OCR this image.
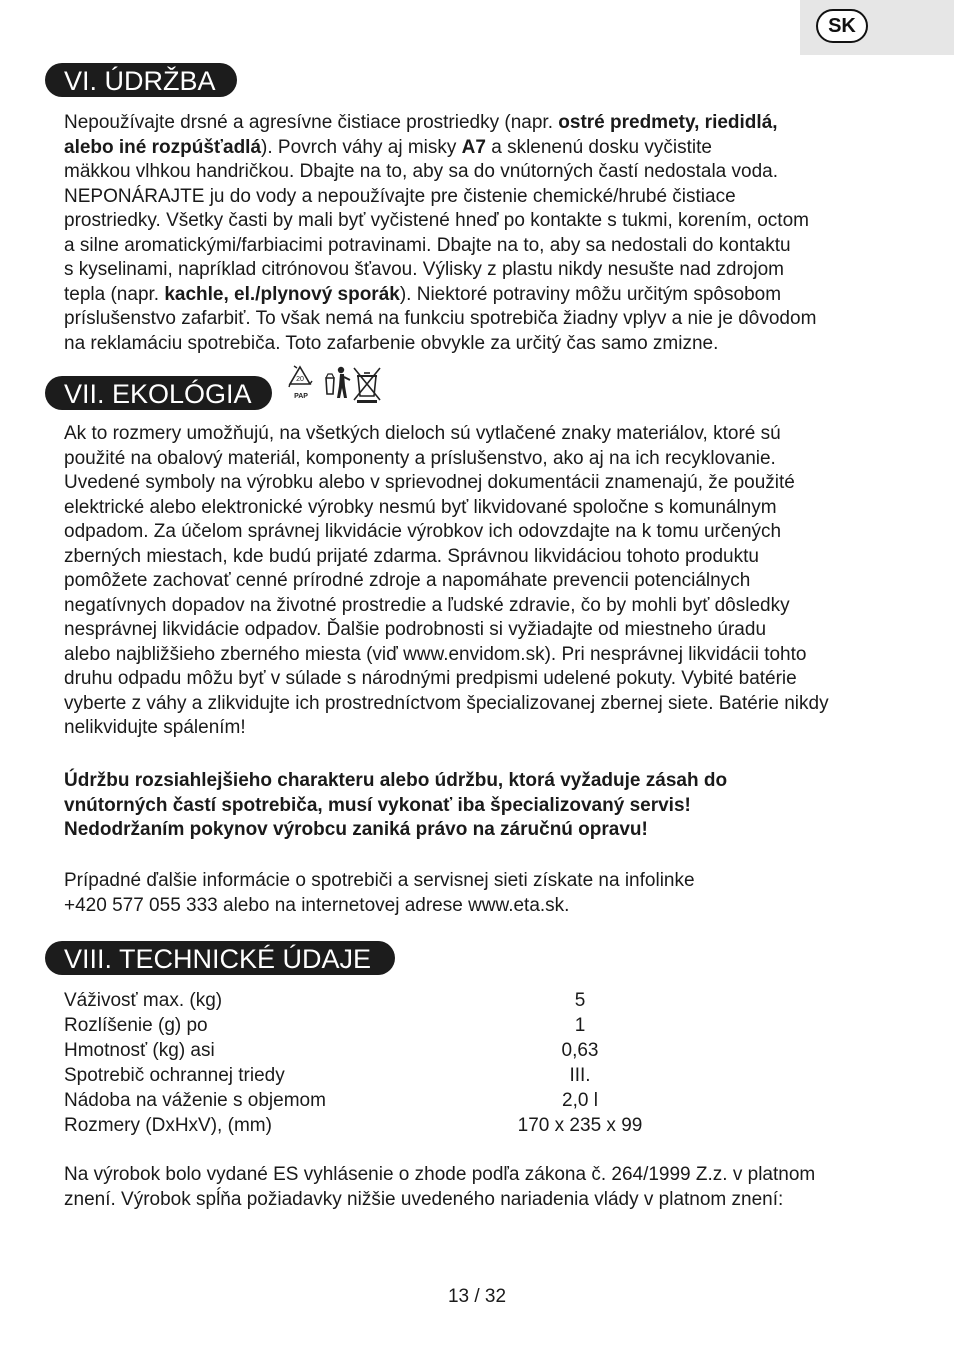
SK
VI. ÚDRŽBA
Nepoužívajte drsné a agresívne čistiace prostriedky (napr. ostré predmety, riedidlá,
alebo iné rozpúšťadlá). Povrch váhy aj misky A7 a sklenenú dosku vyčistite
mäkkou vlhkou handričkou. Dbajte na to, aby sa do vnútorných častí nedostala voda.
NEPONÁRAJTE ju do vody a nepoužívajte pre čistenie chemické/hrubé čistiace
prostriedky. Všetky časti by mali byť vyčistené hneď po kontakte s tukmi, korením, octom
a silne aromatickými/farbiacimi potravinami. Dbajte na to, aby sa nedostali do kontaktu
s kyselinami, napríklad citrónovou šťavou. Výlisky z plastu nikdy nesušte nad zdrojom
tepla (napr. kachle, el./plynový sporák). Niektoré potraviny môžu určitým spôsobom
príslušenstvo zafarbiť. To však nemá na funkciu spotrebiča žiadny vplyv a nie je dôvodom
na reklamáciu spotrebiča. Toto zafarbenie obvykle za určitý čas samo zmizne.
VII. EKOLÓGIA	20
PAP
Ak to rozmery umožňujú, na všetkých dieloch sú vytlačené znaky materiálov, ktoré sú
použité na obalový materiál, komponenty a príslušenstvo, ako aj na ich recyklovanie.
Uvedené symboly na výrobku alebo v sprievodnej dokumentácii znamenajú, že použité
elektrické alebo elektronické výrobky nesmú byť likvidované spoločne s komunálnym
odpadom. Za účelom správnej likvidácie výrobkov ich odovzdajte na k tomu určených
zberných miestach, kde budú prijaté zdarma. Správnou likvidáciou tohoto produktu
pomôžete zachovať cenné prírodné zdroje a napomáhate prevencii potenciálnych
negatívnych dopadov na životné prostredie a ľudské zdravie, čo by mohli byť dôsledky
nesprávnej likvidácie odpadov. Ďalšie podrobnosti si vyžiadajte od miestneho úradu
alebo najbližšieho zberného miesta (viď www.envidom.sk). Pri nesprávnej likvidácii tohto
druhu odpadu môžu byť v súlade s národnými predpismi udelené pokuty. Vybité batérie
vyberte z váhy a zlikvidujte ich prostredníctvom špecializovanej zbernej siete. Batérie nikdy
nelikvidujte spálením!
Údržbu rozsiahlejšieho charakteru alebo údržbu, ktorá vyžaduje zásah do
vnútorných častí spotrebiča, musí vykonať iba špecializovaný servis!
Nedodržaním pokynov výrobcu zaniká právo na záručnú opravu!
Prípadné ďalšie informácie o spotrebiči a servisnej sieti získate na infolinke
+420 577 055 333 alebo na internetovej adrese www.eta.sk.
VIII. TECHNICKÉ ÚDAJE
Váživosť max. (kg)	5
Rozlíšenie (g) po	1
Hmotnosť (kg) asi	0,63
Spotrebič ochrannej triedy	III.
Nádoba na váženie s objemom	2,0 l
Rozmery (DxHxV), (mm)	170 x 235 x 99
Na výrobok bolo vydané ES vyhlásenie o zhode podľa zákona č. 264/1999 Z.z. v platnom
znení. Výrobok spĺňa požiadavky nižšie uvedeného nariadenia vlády v platnom znení:
13 / 32
